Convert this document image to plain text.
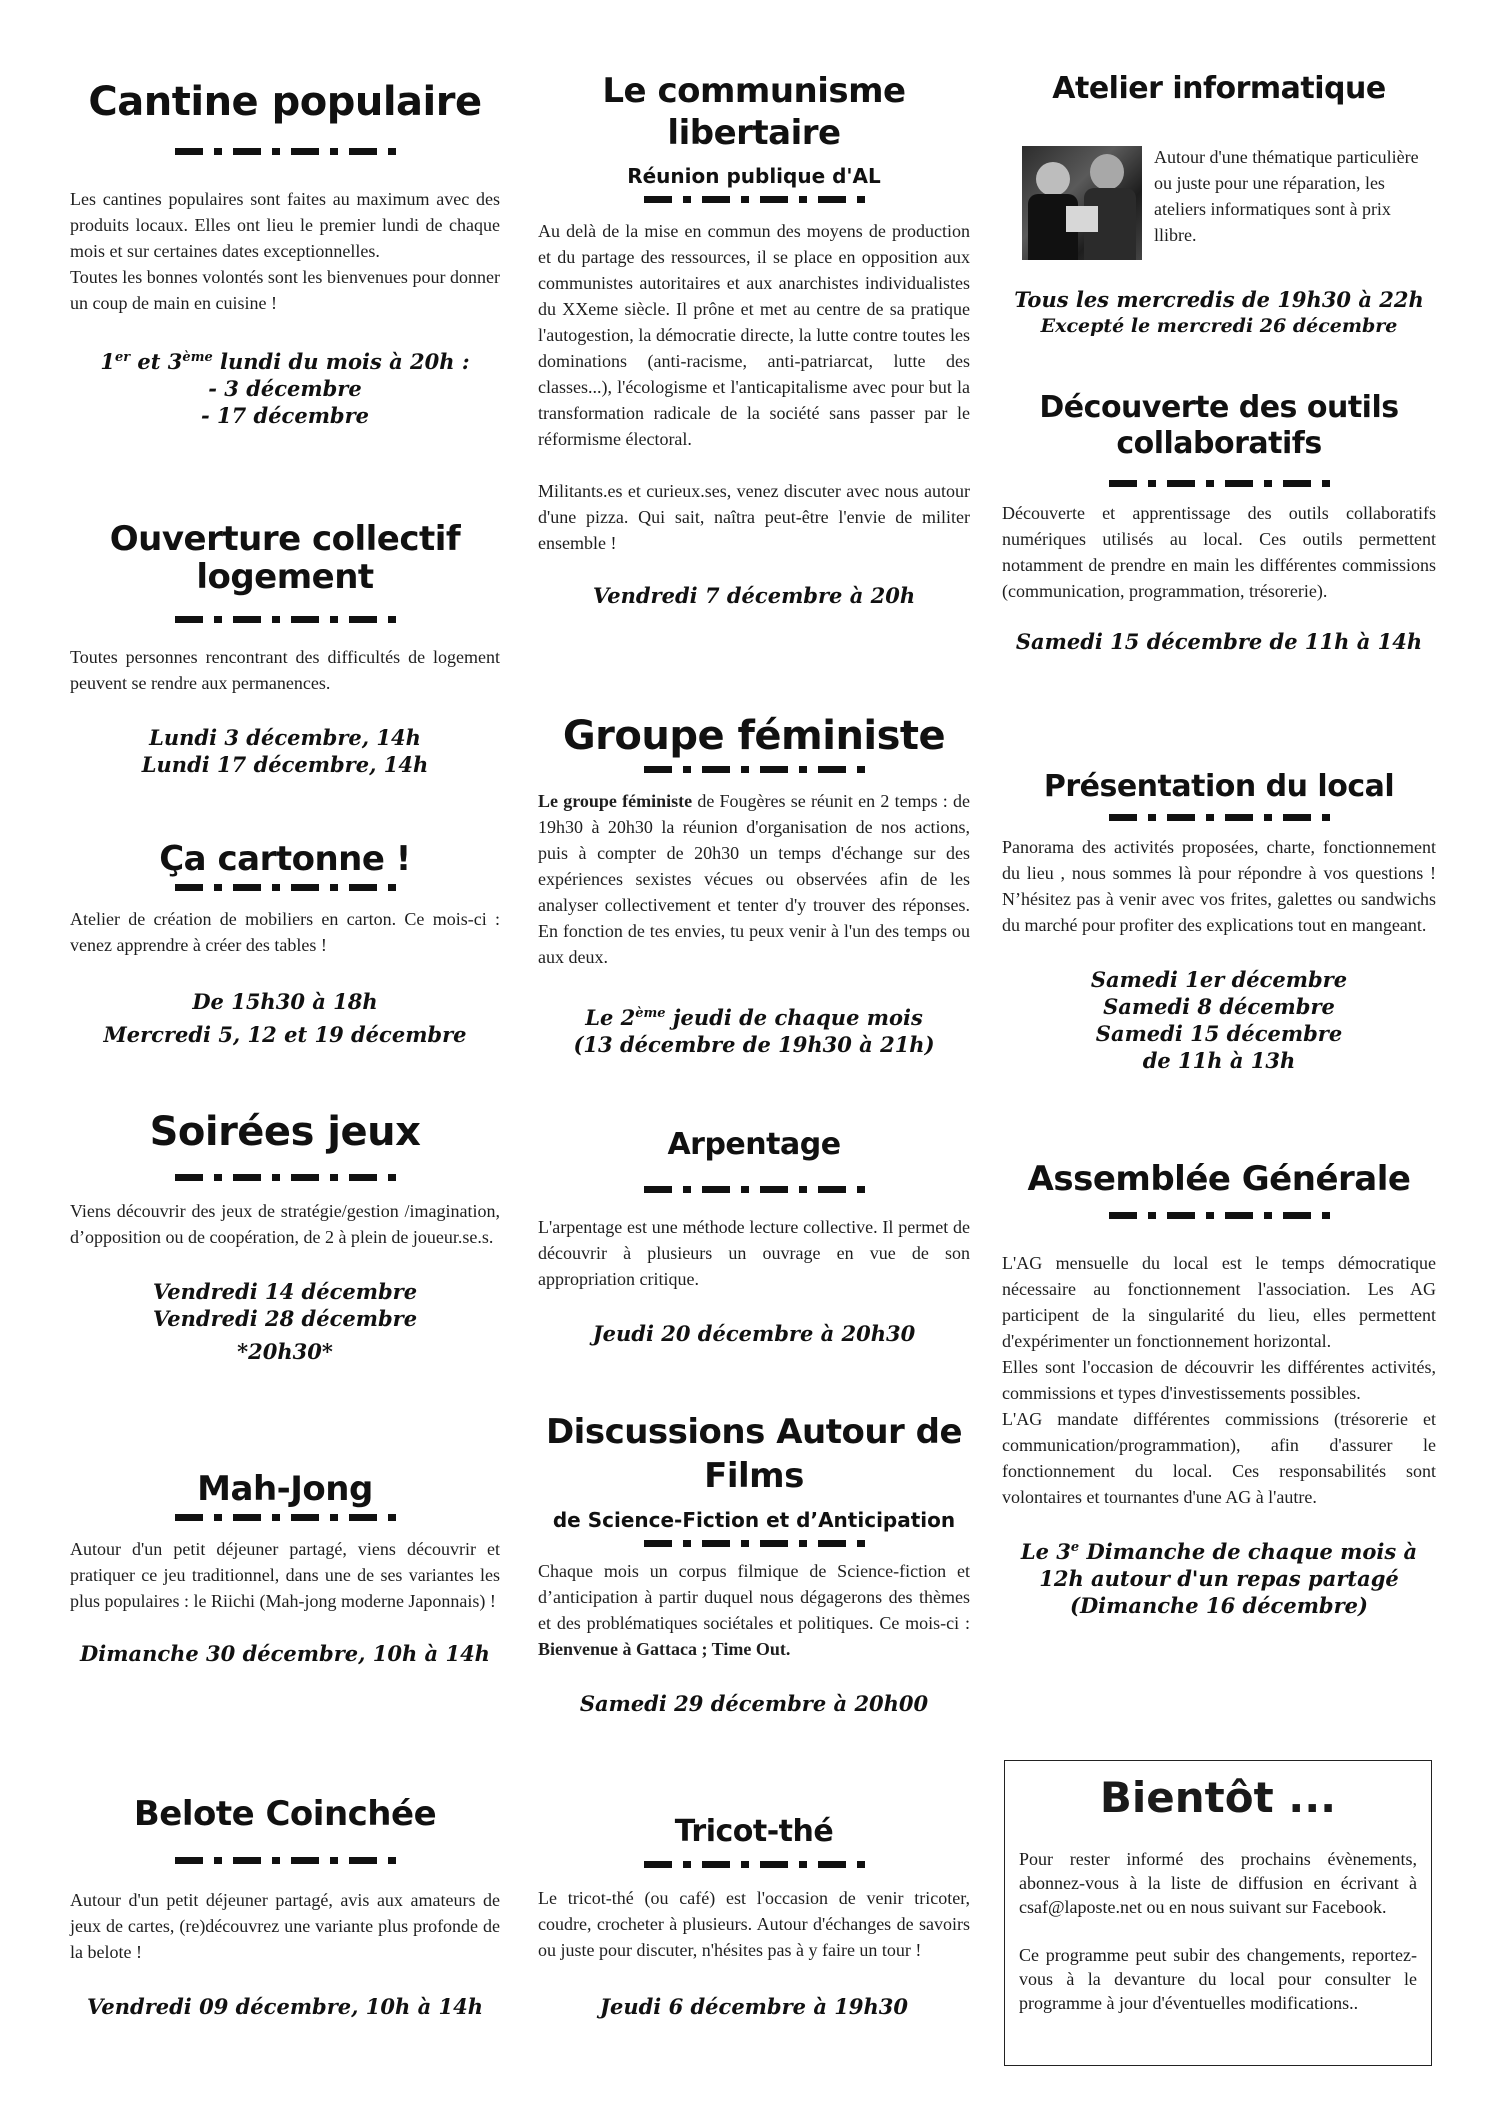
Cantine populaire

Les cantines populaires sont faites au maximum avec des produits locaux. Elles ont lieu le premier lundi de chaque mois et sur certaines dates exceptionnelles.

Toutes les bonnes volontés sont les bienvenues pour donner un coup de main en cuisine !

1er et 3ème lundi du mois à 20h :

- 3 décembre

- 17 décembre

Ouverture collectif logement
Toutes personnes rencontrant des difficultés de logement peuvent se rendre aux permanences.

Lundi 3 décembre, 14h

Lundi 17 décembre, 14h

Ça cartonne !
Atelier de création de mobiliers en carton. Ce mois-ci : venez apprendre à créer des tables !

De 15h30 à 18h

Mercredi 5, 12 et 19 décembre

Soirées jeux
Viens découvrir des jeux de stratégie/gestion /imagination, d’opposition ou de coopération, de 2 à plein de joueur.se.s.

Vendredi 14 décembre

Vendredi 28 décembre

*20h30*

Mah-Jong
Autour d'un petit déjeuner partagé, viens découvrir et pratiquer ce jeu traditionnel, dans une de ses variantes les plus populaires : le Riichi (Mah-jong moderne Japonnais) !

Dimanche 30 décembre, 10h à 14h

Belote Coinchée
Autour d'un petit déjeuner partagé, avis aux amateurs de jeux de cartes, (re)découvrez une variante plus profonde de la belote !

Vendredi 09 décembre, 10h à 14h

Le communisme libertaire

Réunion publique d'AL

Au delà de la mise en commun des moyens de production et du partage des ressources, il se place en opposition aux communistes autoritaires et aux anarchistes individualistes du XXeme siècle. Il prône et met au centre de sa pratique l'autogestion, la démocratie directe, la lutte contre toutes les dominations (anti-racisme, anti-patriarcat, lutte des classes...), l'écologisme et l'anticapitalisme avec pour but la transformation radicale de la société sans passer par le réformisme électoral.

Militants.es et curieux.ses, venez discuter avec nous autour d'une pizza. Qui sait, naîtra peut-être l'envie de militer ensemble !

Vendredi 7 décembre à 20h

Groupe féministe
Le groupe féministe de Fougères se réunit en 2 temps : de 19h30 à 20h30 la réunion d'organisation de nos actions, puis à compter de 20h30 un temps d'échange sur des expériences sexistes vécues ou observées afin de les analyser collectivement et tenter d'y trouver des réponses. En fonction de tes envies, tu peux venir à l'un des temps ou aux deux.

Le 2ème jeudi de chaque mois

(13 décembre de 19h30 à 21h)

Arpentage
L'arpentage est une méthode lecture collective. Il permet de découvrir à plusieurs un ouvrage en vue de son appropriation critique.

Jeudi 20 décembre à 20h30

Discussions Autour de Films

de Science-Fiction et d’Anticipation

Chaque mois un corpus filmique de Science-fiction et d’anticipation à partir duquel nous dégagerons des thèmes et des problématiques sociétales et politiques. Ce mois-ci : Bienvenue à Gattaca ; Time Out.

Samedi 29 décembre à 20h00

Tricot-thé
Le tricot-thé (ou café) est l'occasion de venir tricoter, coudre, crocheter à plusieurs. Autour d'échanges de savoirs ou juste pour discuter, n'hésites pas à y faire un tour !

Jeudi 6 décembre à 19h30

Atelier informatique
Autour d'une thématique particulière ou juste pour une réparation, les ateliers informatiques sont à prix llibre.

Tous les mercredis de 19h30 à 22h

Excepté le mercredi 26 décembre

Découverte des outils collaboratifs
Découverte et apprentissage des outils collaboratifs numériques utilisés au local. Ces outils permettent notamment de prendre en main les différentes commissions (communication, programmation, trésorerie).

Samedi 15 décembre de 11h à 14h

Présentation du local
Panorama des activités proposées, charte, fonctionnement du lieu , nous sommes là pour répondre à vos questions ! N’hésitez pas à venir avec vos frites, galettes ou sandwichs du marché pour profiter des explications tout en mangeant.

Samedi 1er décembre

Samedi 8 décembre

Samedi 15 décembre

de 11h à 13h

Assemblée Générale

L'AG mensuelle du local est le temps démocratique nécessaire au fonctionnement l'association. Les AG participent de la singularité du lieu, elles permettent d'expérimenter un fonctionnement horizontal.

Elles sont l'occasion de découvrir les différentes activités, commissions et types d'investissements possibles.

L'AG mandate différentes commissions (trésorerie et communication/programmation), afin d'assurer le fonctionnement du local. Ces responsabilités sont volontaires et tournantes d'une AG à l'autre.

Le 3e Dimanche de chaque mois à

12h autour d'un repas partagé

(Dimanche 16 décembre)

Bientôt ...

Pour rester informé des prochains évènements, abonnez-vous à la liste de diffusion en écrivant à csaf@laposte.net ou en nous suivant sur Facebook.

Ce programme peut subir des changements, reportez-vous à la devanture du local pour consulter le programme à jour d'éventuelles modifications..
